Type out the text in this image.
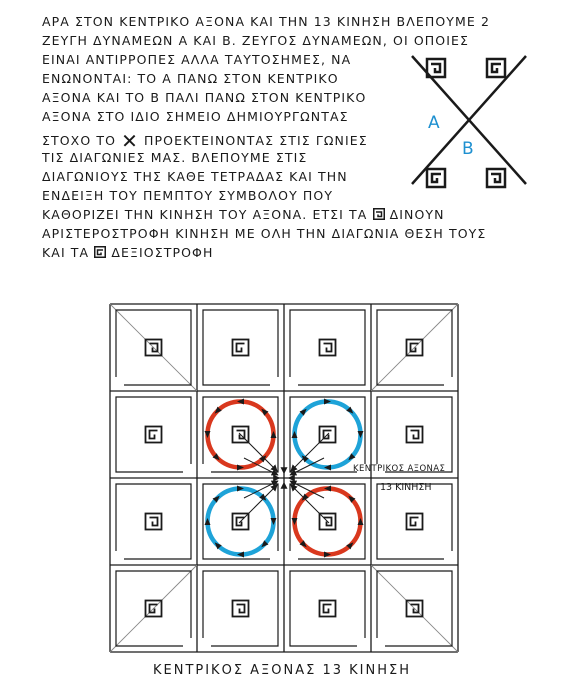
ΑΡΑ ΣΤΟΝ ΚΕΝΤΡΙΚΟ ΑΞΟΝΑ ΚΑΙ ΤΗΝ 13 ΚΙΝΗΣΗ ΒΛΕΠΟΥΜΕ 2
ΖΕΥΓΗ ΔΥΝΑΜΕΩΝ Α ΚΑΙ Β. ΖΕΥΓΟΣ ΔΥΝΑΜΕΩΝ, ΟΙ ΟΠΟΙΕΣ
ΕΙΝΑΙ ΑΝΤΙΡΡΟΠΕΣ ΑΛΛΑ ΤΑΥΤΟΣΗΜΕΣ, ΝΑ
ΕΝΩΝΟΝΤΑΙ: ΤΟ Α ΠΑΝΩ ΣΤΟΝ ΚΕΝΤΡΙΚΟ
ΑΞΟΝΑ ΚΑΙ ΤΟ Β ΠΑΛΙ ΠΑΝΩ ΣΤΟΝ ΚΕΝΤΡΙΚΟ
ΑΞΟΝΑ ΣΤΟ ΙΔΙΟ ΣΗΜΕΙΟ ΔΗΜΙΟΥΡΓΩΝΤΑΣ
ΣΤΟΧΟ ΤΟ ✕ ΠΡΟΕΚΤΕΙΝΟΝΤΑΣ ΣΤΙΣ ΓΩΝΙΕΣ
ΤΙΣ ΔΙΑΓΩΝΙΕΣ ΜΑΣ. ΒΛΕΠΟΥΜΕ ΣΤΙΣ
ΔΙΑΓΩΝΙΟΥΣ ΤΗΣ ΚΑΘΕ ΤΕΤΡΑΔΑΣ ΚΑΙ ΤΗΝ
ΕΝΔΕΙΞΗ ΤΟΥ ΠΕΜΠΤΟΥ ΣΥΜΒΟΛΟΥ ΠΟΥ
ΚΑΘΟΡΙΖΕΙ ΤΗΝ ΚΙΝΗΣΗ ΤΟΥ ΑΞΟΝΑ. ΕΤΣΙ ΤΑ ΔΙΝΟΥΝ
ΑΡΙΣΤΕΡΟΣΤΡΟΦΗ ΚΙΝΗΣΗ ΜΕ ΟΛΗ ΤΗΝ ΔΙΑΓΩΝΙΑ ΘΕΣΗ ΤΟΥΣ
ΚΑΙ ΤΑ ΔΕΞΙΟΣΤΡΟΦΗ
A
B
ΚΕΝΤΡΙΚΟΣ ΑΞΟΝΑΣ
13 ΚΙΝΗΣΗ
ΚΕΝΤΡΙΚΟΣ ΑΞΟΝΑΣ 13 ΚΙΝΗΣΗ
